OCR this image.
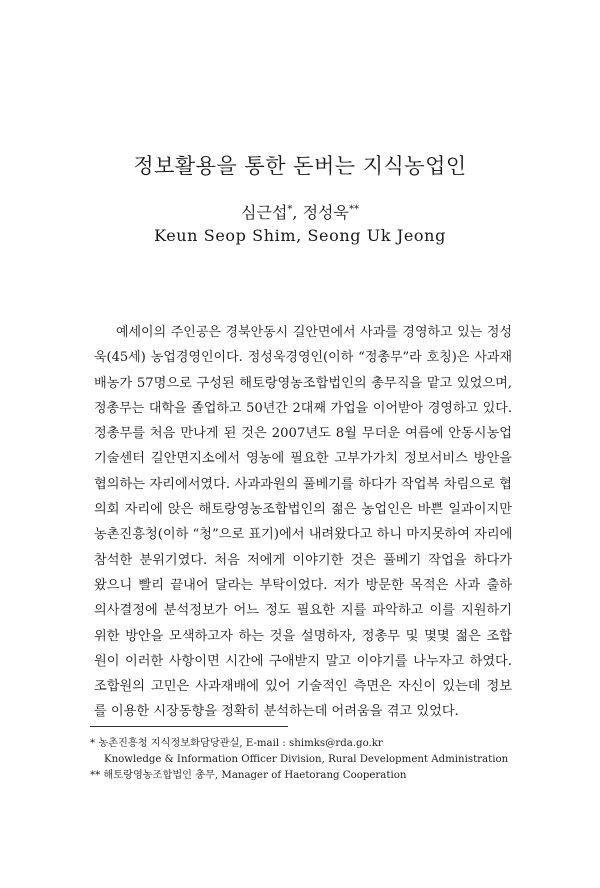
정보활용을 통한 돈버는 지식농업인

심근섭*, 정성욱**

Keun Seop Shim, Seong Uk Jeong

예세이의 주인공은 경북안동시 길안면에서 사과를 경영하고 있는 정성
욱(45세) 농업경영인이다. 정성욱경영인(이하 “정총무”라 호칭)은 사과재
배농가 57명으로 구성된 해토랑영농조합법인의 총무직을 맡고 있었으며,
정총무는 대학을 졸업하고 50년간 2대째 가업을 이어받아 경영하고 있다.
정총무를 처음 만나게 된 것은 2007년도 8월 무더운 여름에 안동시농업
기술센터 길안면지소에서 영농에 필요한 고부가가치 정보서비스 방안을
협의하는 자리에서였다. 사과과원의 풀베기를 하다가 작업복 차림으로 협
의회 자리에 앉은 해토랑영농조합법인의 젊은 농업인은 바쁜 일과이지만
농촌진흥청(이하 “청”으로 표기)에서 내려왔다고 하니 마지못하여 자리에
참석한 분위기였다. 처음 저에게 이야기한 것은 풀베기 작업을 하다가
왔으니 빨리 끝내어 달라는 부탁이었다. 저가 방문한 목적은 사과 출하
의사결정에 분석정보가 어느 정도 필요한 지를 파악하고 이를 지원하기
위한 방안을 모색하고자 하는 것을 설명하자, 정총무 및 몇몇 젊은 조합
원이 이러한 사항이면 시간에 구애받지 말고 이야기를 나누자고 하였다.
조합원의 고민은 사과재배에 있어 기술적인 측면은 자신이 있는데 정보
를 이용한 시장동향을 정확히 분석하는데 어려움을 겪고 있었다.
* 농촌진흥청 지식정보화담당관실, E-mail : shimks@rda.go.kr
Knowledge & Information Officer Division, Rural Development Administration
** 해토랑영농조합법인 총무, Manager of Haetorang Cooperation
